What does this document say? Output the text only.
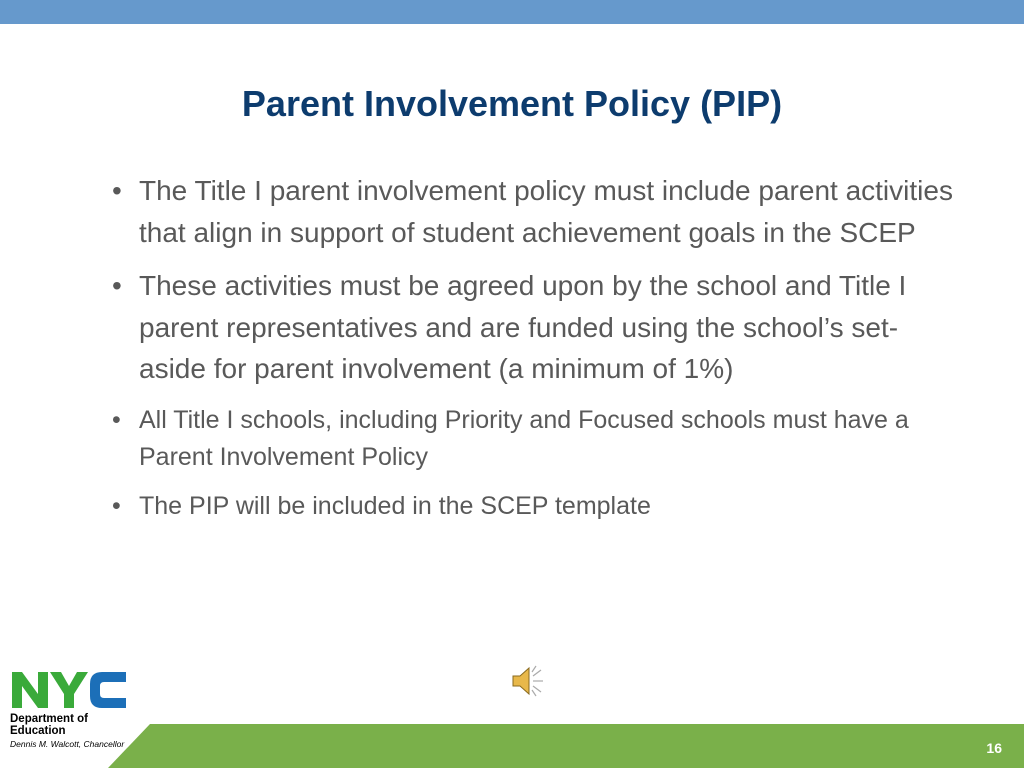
Parent Involvement Policy (PIP)
• The Title I parent involvement policy must include parent activities that align in support of student achievement goals in the SCEP
• These activities must be agreed upon by the school and Title I parent representatives and are funded using the school’s set-aside for parent involvement (a minimum of 1%)
• All Title I schools, including Priority and Focused schools must have a Parent Involvement Policy
• The PIP will be included in the SCEP template
Department of
Education
Dennis M. Walcott, Chancellor	16
